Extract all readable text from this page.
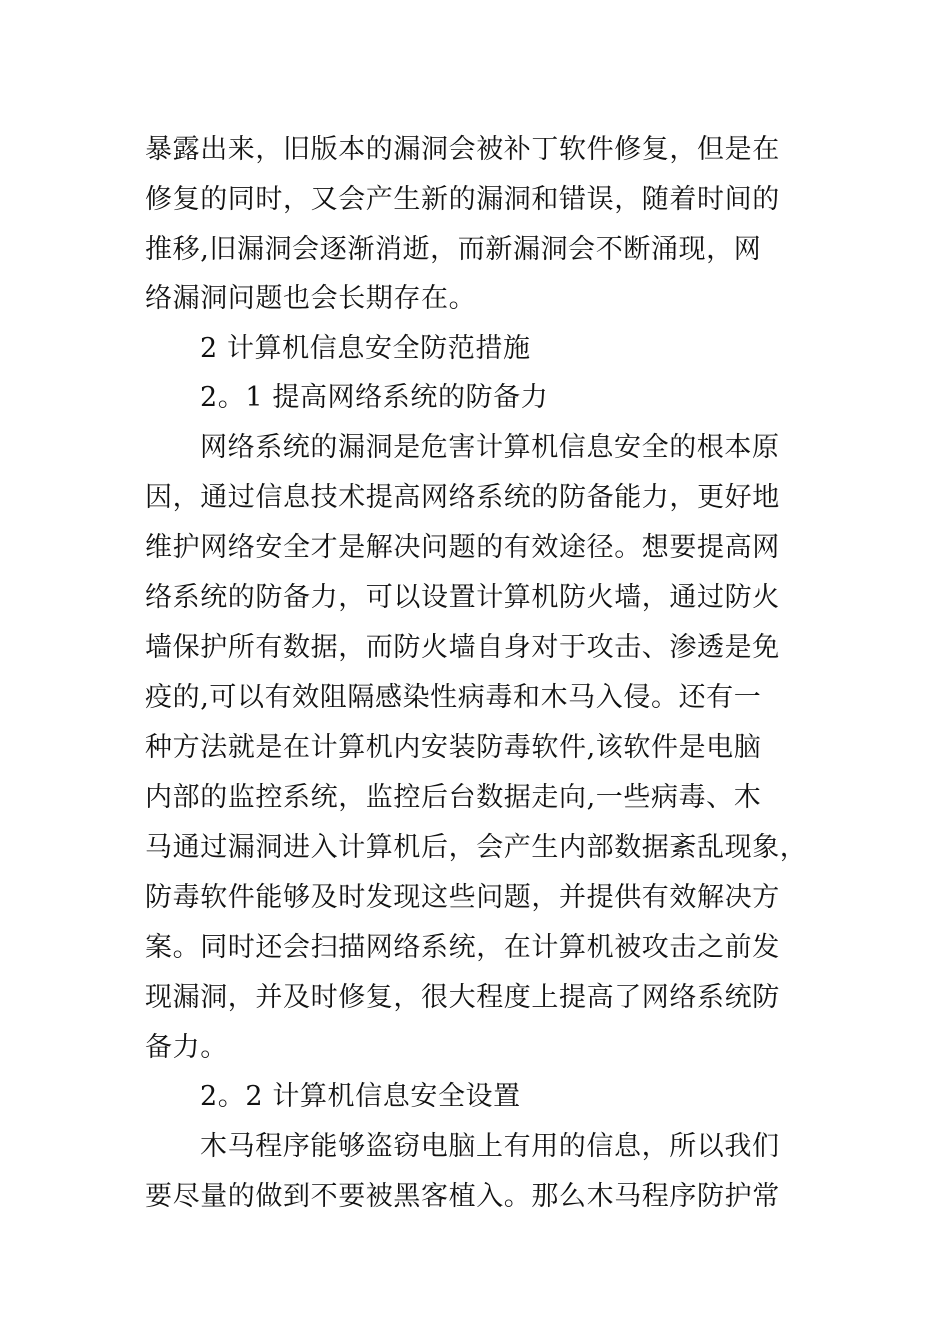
暴露出来，旧版本的漏洞会被补丁软件修复，但是在
修复的同时，又会产生新的漏洞和错误，随着时间的
推移,旧漏洞会逐渐消逝，而新漏洞会不断涌现，网
络漏洞问题也会长期存在。
2 计算机信息安全防范措施
2。1 提高网络系统的防备力
网络系统的漏洞是危害计算机信息安全的根本原
因，通过信息技术提高网络系统的防备能力，更好地
维护网络安全才是解决问题的有效途径。想要提高网
络系统的防备力，可以设置计算机防火墙，通过防火
墙保护所有数据，而防火墙自身对于攻击、渗透是免
疫的,可以有效阻隔感染性病毒和木马入侵。还有一
种方法就是在计算机内安装防毒软件,该软件是电脑
内部的监控系统，监控后台数据走向,一些病毒、木
马通过漏洞进入计算机后，会产生内部数据紊乱现象，
防毒软件能够及时发现这些问题，并提供有效解决方
案。同时还会扫描网络系统，在计算机被攻击之前发
现漏洞，并及时修复，很大程度上提高了网络系统防
备力。
2。2 计算机信息安全设置
木马程序能够盗窃电脑上有用的信息，所以我们
要尽量的做到不要被黑客植入。那么木马程序防护常
